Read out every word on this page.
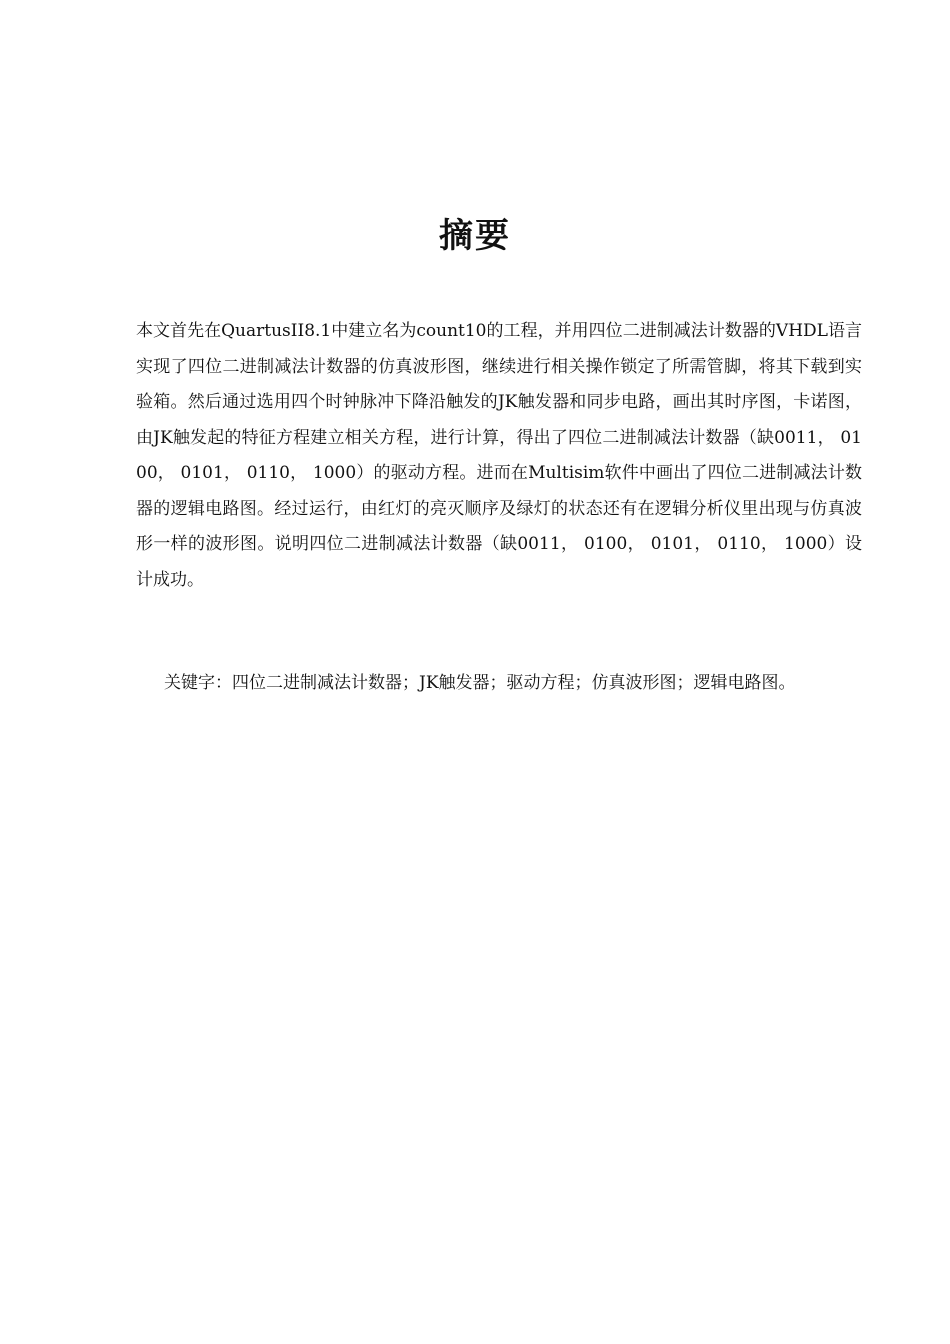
摘要

本文首先在QuartusII8.1中建立名为count10的工程，并用四位二进制减法计数器的VHDL语言实现了四位二进制减法计数器的仿真波形图，继续进行相关操作锁定了所需管脚，将其下载到实验箱。然后通过选用四个时钟脉冲下降沿触发的JK触发器和同步电路，画出其时序图，卡诺图，由JK触发起的特征方程建立相关方程，进行计算，得出了四位二进制减法计数器（缺0011， 0100， 0101， 0110， 1000）的驱动方程。进而在Multisim软件中画出了四位二进制减法计数器的逻辑电路图。经过运行，由红灯的亮灭顺序及绿灯的状态还有在逻辑分析仪里出现与仿真波形一样的波形图。说明四位二进制减法计数器（缺0011， 0100， 0101， 0110， 1000）设计成功。

关键字：四位二进制减法计数器；JK触发器；驱动方程；仿真波形图；逻辑电路图。
